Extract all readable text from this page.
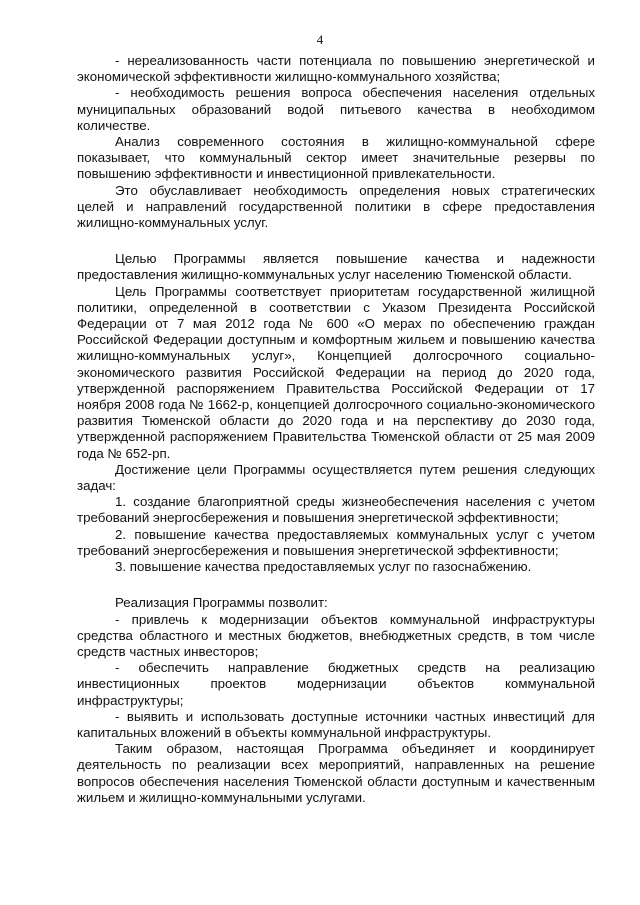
4

- нереализованность части потенциала по повышению энергетической и экономической эффективности жилищно-коммунального хозяйства;

- необходимость решения вопроса обеспечения населения отдельных муниципальных образований водой питьевого качества в необходимом количестве.

Анализ современного состояния в жилищно-коммунальной сфере показывает, что коммунальный сектор имеет значительные резервы по повышению эффективности и инвестиционной привлекательности.

Это обуславливает необходимость определения новых стратегических целей и направлений государственной политики в сфере предоставления жилищно-коммунальных услуг.

Целью Программы является повышение качества и надежности предоставления жилищно-коммунальных услуг населению Тюменской области.

Цель Программы соответствует приоритетам государственной жилищной политики, определенной в соответствии с Указом Президента Российской Федерации от 7 мая 2012 года № 600 «О мерах по обеспечению граждан Российской Федерации доступным и комфортным жильем и повышению качества жилищно-коммунальных услуг», Концепцией долгосрочного социально-экономического развития Российской Федерации на период до 2020 года, утвержденной распоряжением Правительства Российской Федерации от 17 ноября 2008 года № 1662-р, концепцией долгосрочного социально-экономического развития Тюменской области до 2020 года и на перспективу до 2030 года, утвержденной распоряжением Правительства Тюменской области от 25 мая 2009 года № 652-рп.

Достижение цели Программы осуществляется путем решения следующих задач:

1. создание благоприятной среды жизнеобеспечения населения с учетом требований энергосбережения и повышения энергетической эффективности;

2. повышение качества предоставляемых коммунальных услуг с учетом требований энергосбережения и повышения энергетической эффективности;

3. повышение качества предоставляемых услуг по газоснабжению.

Реализация Программы позволит:

- привлечь к модернизации объектов коммунальной инфраструктуры средства областного и местных бюджетов, внебюджетных средств, в том числе средств частных инвесторов;

- обеспечить направление бюджетных средств на реализацию инвестиционных проектов модернизации объектов коммунальной инфраструктуры;

- выявить и использовать доступные источники частных инвестиций для капитальных вложений в объекты коммунальной инфраструктуры.

Таким образом, настоящая Программа объединяет и координирует деятельность по реализации всех мероприятий, направленных на решение вопросов обеспечения населения Тюменской области доступным и качественным жильем и жилищно-коммунальными услугами.
